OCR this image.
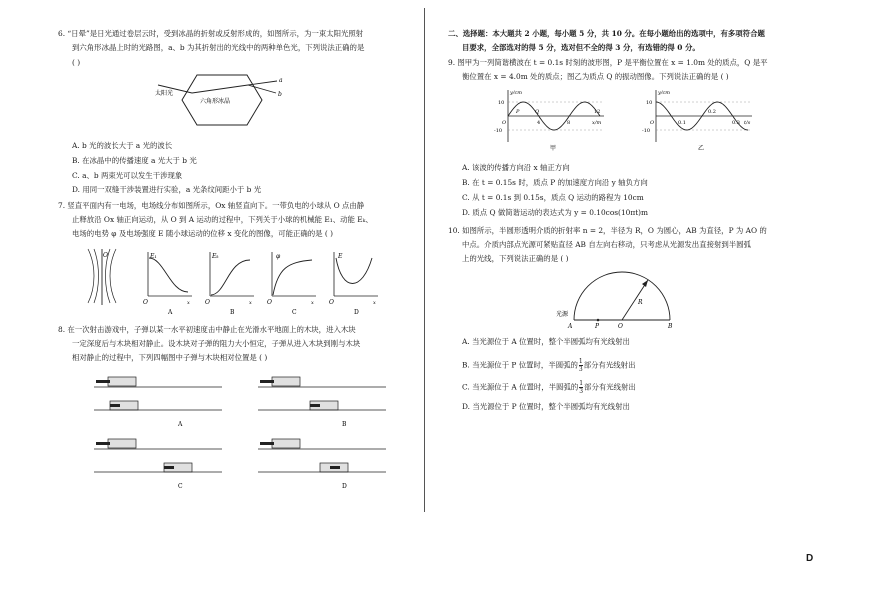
6. “日晕”是日光通过卷层云时，受到冰晶的折射或反射形成的，如图所示，为一束太阳光照射
到六角形冰晶上时的光路图，a、b 为其折射出的光线中的两种单色光，下列说法正确的是
( )
太阳光
六角形冰晶
a
b
A. b 光的波长大于 a 光的波长
B. 在冰晶中的传播速度 a 光大于 b 光
C. a、b 两束光可以发生干涉现象
D. 用同一双缝干涉装置进行实验，a 光条纹间距小于 b 光
7. 竖直平面内有一电场，电场线分布如图所示，Ox 轴竖直向下。一带负电的小球从 O 点由静
止释放沿 Ox 轴正向运动，从 O 到 A 运动的过程中，下列关于小球的机械能 E₁、动能 Eₖ、
电场的电势 φ 及电场强度 E 随小球运动的位移 x 变化的图像，可能正确的是 ( )
O	E₁
x
O
A
Eₖ
x
O
B
φ
x
O
C
E
x
O
D
8. 在一次射击游戏中，子弹以某一水平初速度击中静止在光滑水平地面上的木块，进入木块
一定深度后与木块相对静止。设木块对子弹的阻力大小恒定，子弹从进入木块到刚与木块
相对静止的过程中，下列四幅图中子弹与木块相对位置是 ( )
A	B
C	D
二、选择题：本大题共 2 小题，每小题 5 分，共 10 分。在每小题给出的选项中，有多项符合题
目要求，全部选对的得 5 分，选对但不全的得 3 分，有选错的得 0 分。
9. 图甲为一列简谐横波在 t = 0.1s 时刻的波形图，P 是平衡位置在 x = 1.0m 处的质点，Q 是平
衡位置在 x = 4.0m 处的质点；图乙为质点 Q 的振动图像。下列说法正确的是 ( )
y/cm
x/m
10
-10
4	8
12
P	Q
O
甲
y/cm
t/s
10
-10
0.1
0.2
0.3
O
乙
A. 该波的传播方向沿 x 轴正方向
B. 在 t = 0.15s 时，质点 P 的加速度方向沿 y 轴负方向
C. 从 t = 0.1s 到 0.15s，质点 Q 运动的路程为 10cm
D. 质点 Q 做简谐运动的表达式为 y = 0.10cos(10πt)m
10. 如图所示，半圆形透明介质的折射率 n = 2，半径为 R，O 为圆心，AB 为直径，P 为 AO 的
中点。介质内部点光源可紧贴直径 AB 自左向右移动，只考虑从光源发出直接射到半圆弧
上的光线，下列说法正确的是 ( )
光源
A	P	O	B
R
A. 当光源位于 A 位置时，整个半圆弧均有光线射出
B. 当光源位于 P 位置时，半圆弧的 $\frac{1}{3}$ 部分有光线射出
C. 当光源位于 A 位置时，半圆弧的 $\frac{1}{3}$ 部分有光线射出
D. 当光源位于 P 位置时，整个半圆弧均有光线射出
D
